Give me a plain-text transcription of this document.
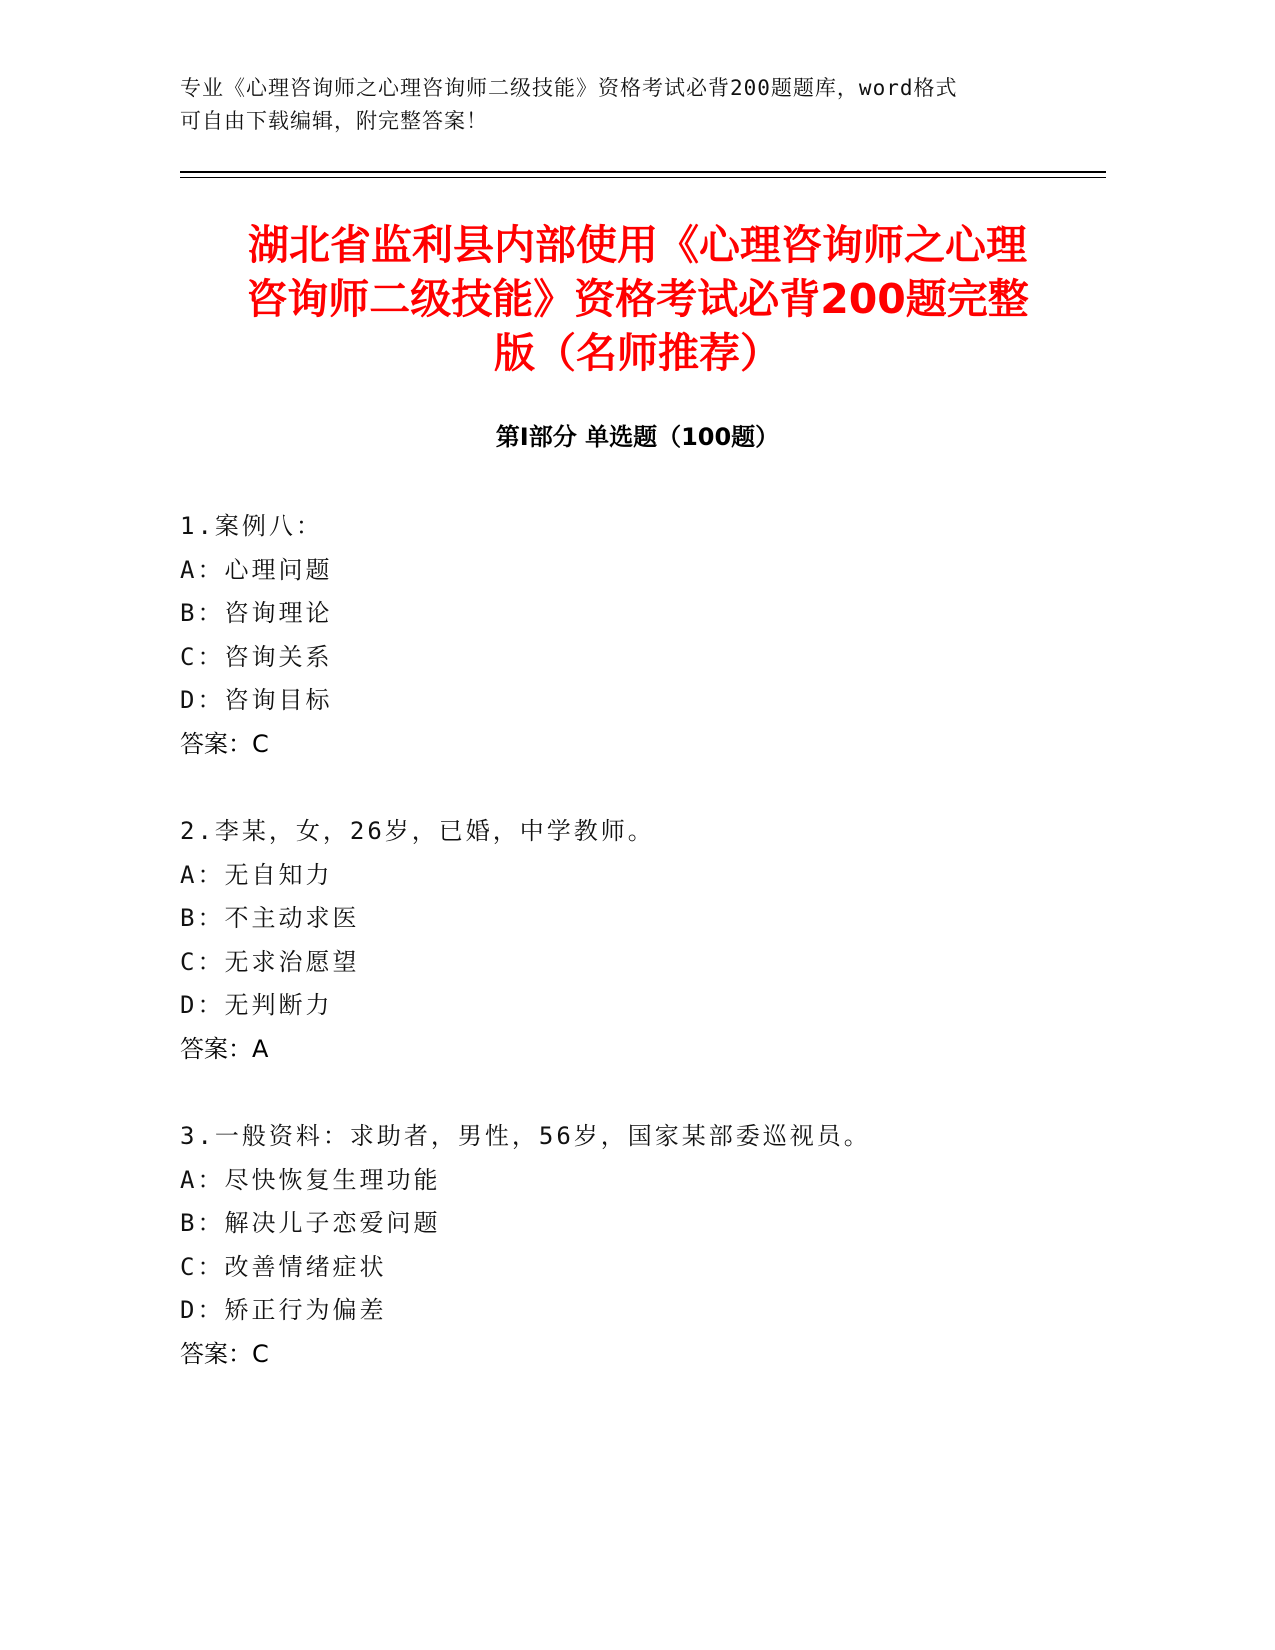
专业《心理咨询师之心理咨询师二级技能》资格考试必背200题题库，word格式
可自由下载编辑，附完整答案！
湖北省监利县内部使用《心理咨询师之心理
咨询师二级技能》资格考试必背200题完整
版（名师推荐）
第Ⅰ部分 单选题（100题）
1.案例八：
A：心理问题
B：咨询理论
C：咨询关系
D：咨询目标
答案：C
2.李某，女，26岁，已婚，中学教师。
A：无自知力
B：不主动求医
C：无求治愿望
D：无判断力
答案：A
3.一般资料：求助者，男性，56岁，国家某部委巡视员。
A：尽快恢复生理功能
B：解决儿子恋爱问题
C：改善情绪症状
D：矫正行为偏差
答案：C
